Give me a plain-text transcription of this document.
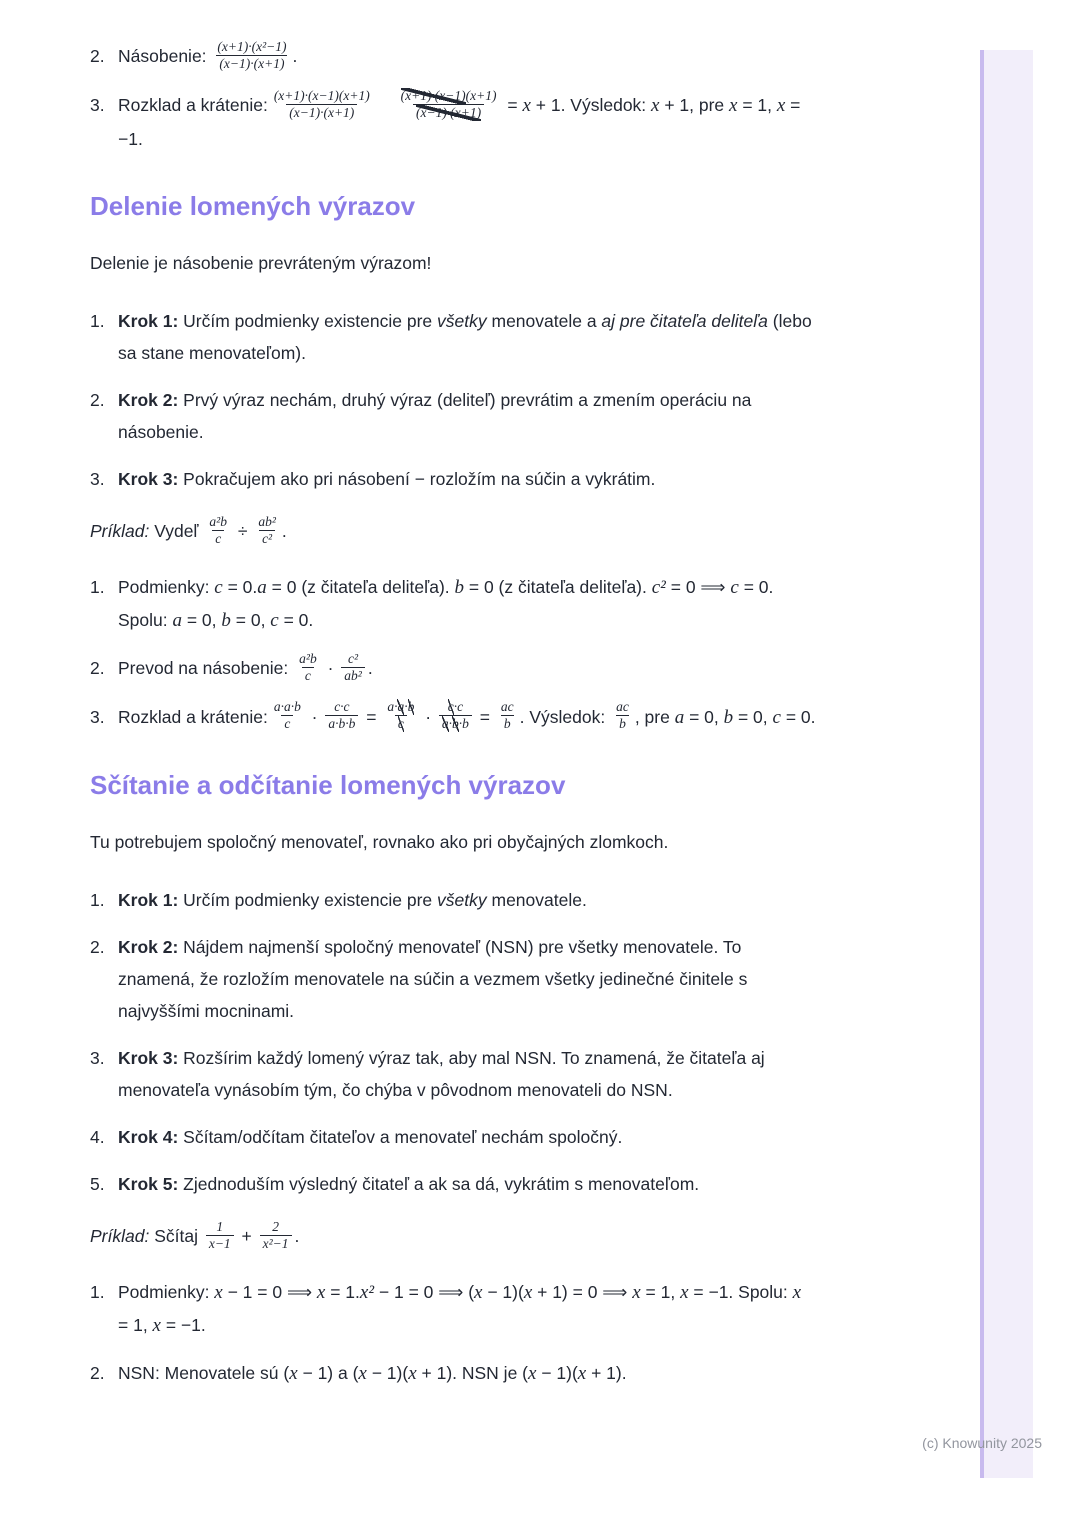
2. Násobenie: $\frac{\text{(x+1)·(x²−1)}}{(x-1)\cdot(x+1)}$ .
3. Rozklad a krátenie: $\frac{(x+1)\cdot(x-1)(x+1)}{(x-1)\cdot(x+1)}$
$\frac{(x+1)\cdot(x-1) (x+1)}{(x-1)\cdot(x+1)} = x + 1$. Výsledok: x + 1, pre x = 1, x = −1.
Delenie lomených výrazov

Delenie je násobenie prevráteným výrazom!

1. Krok 1: Určím podmienky existencie pre všetky menovatele a aj pre čitateľa deliteľa (lebo sa stane menovateľom).
2. Krok 2: Prvý výraz nechám, druhý výraz (deliteľ) prevrátim a zmením operáciu na násobenie.
3. Krok 3: Pokračujem ako pri násobení − rozložím na súčin a vykrátim.

Príklad: Vydeľ $\frac{\text{a²b}}{c} \div \frac{\text{ab²}}{\text{c²}}$ .

1. Podmienky: c = 0.a = 0 (z čitateľa deliteľa). b = 0 (z čitateľa deliteľa). c² = 0 ⟹ c = 0. Spolu: a = 0, b = 0, c = 0.
2. Prevod na násobenie: $\frac{\text{a²b}}{c} \cdot \frac{\text{c²}}{\text{ab²}}$ .
3. Rozklad a krátenie: $\frac{a\cdot a\cdot b}{c} \cdot \frac{c\cdot c}{a\cdot b\cdot b} = \frac{a\cdot a \cdot b}{c} \cdot \frac{c \cdot c}{a \cdot b \cdot b} = \frac{ac}{b}$ . Výsledok: $\frac{ac}{b}$ , pre a = 0, b = 0, c = 0.
Sčítanie a odčítanie lomených výrazov

Tu potrebujem spoločný menovateľ, rovnako ako pri obyčajných zlomkoch.

1. Krok 1: Určím podmienky existencie pre všetky menovatele.
2. Krok 2: Nájdem najmenší spoločný menovateľ (NSN) pre všetky menovatele. To znamená, že rozložím menovatele na súčin a vezmem všetky jedinečné činitele s najvyššími mocninami.
3. Krok 3: Rozšírim každý lomený výraz tak, aby mal NSN. To znamená, že čitateľa aj menovateľa vynásobím tým, čo chýba v pôvodnom menovateli do NSN.
4. Krok 4: Sčítam/odčítam čitateľov a menovateľ nechám spoločný.
5. Krok 5: Zjednoduším výsledný čitateľ a ak sa dá, vykrátim s menovateľom.

Príklad: Sčítaj $\frac{1}{x-1} + \frac{2}{\text{x²−1}}$ .

1. Podmienky: x − 1 = 0 ⟹ x = 1.x² − 1 = 0 ⟹ (x − 1)(x + 1) = 0 ⟹ x = 1, x = −1. Spolu: x = 1, x = −1.
2. NSN: Menovatele sú (x − 1) a (x − 1)(x + 1). NSN je (x − 1)(x + 1).
(c) Knowunity 2025
